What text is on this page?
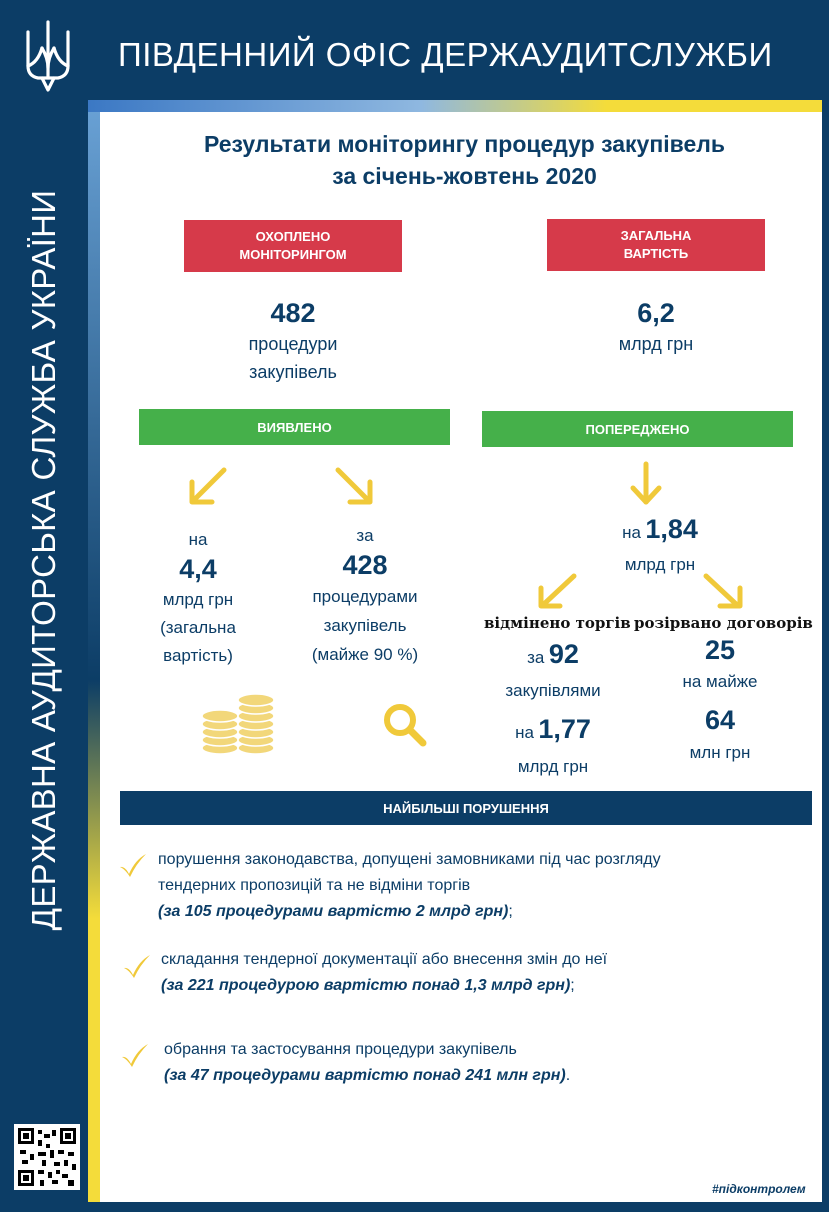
ПІВДЕННИЙ ОФІС ДЕРЖАУДИТСЛУЖБИ
ДЕРЖАВНА АУДИТОРСЬКА СЛУЖБА УКРАЇНИ
Результати моніторингу процедур закупівель
за січень-жовтень 2020
ОХОПЛЕНО
МОНІТОРИНГОМ
482
процедури
закупівель
ЗАГАЛЬНА
ВАРТІСТЬ
6,2
млрд грн
ВИЯВЛЕНО
на
4,4
млрд грн
(загальна
вартість)
за
428
процедурами
закупівель
(майже 90 %)
ПОПЕРЕДЖЕНО
на 1,84
млрд грн
відмінено торгів розірвано договорів
за 92
закупівлями
на 1,77
млрд грн
25
на майже
64
млн грн
НАЙБІЛЬШІ ПОРУШЕННЯ
порушення законодавства, допущені замовниками під час розгляду
тендерних пропозицій та не відміни торгів
(за 105 процедурами вартістю 2 млрд грн);
складання тендерної документації або внесення змін до неї
(за 221 процедурою вартістю понад 1,3 млрд грн);
обрання та застосування процедури закупівель
(за 47 процедурами вартістю понад 241 млн грн).
#підконтролем
